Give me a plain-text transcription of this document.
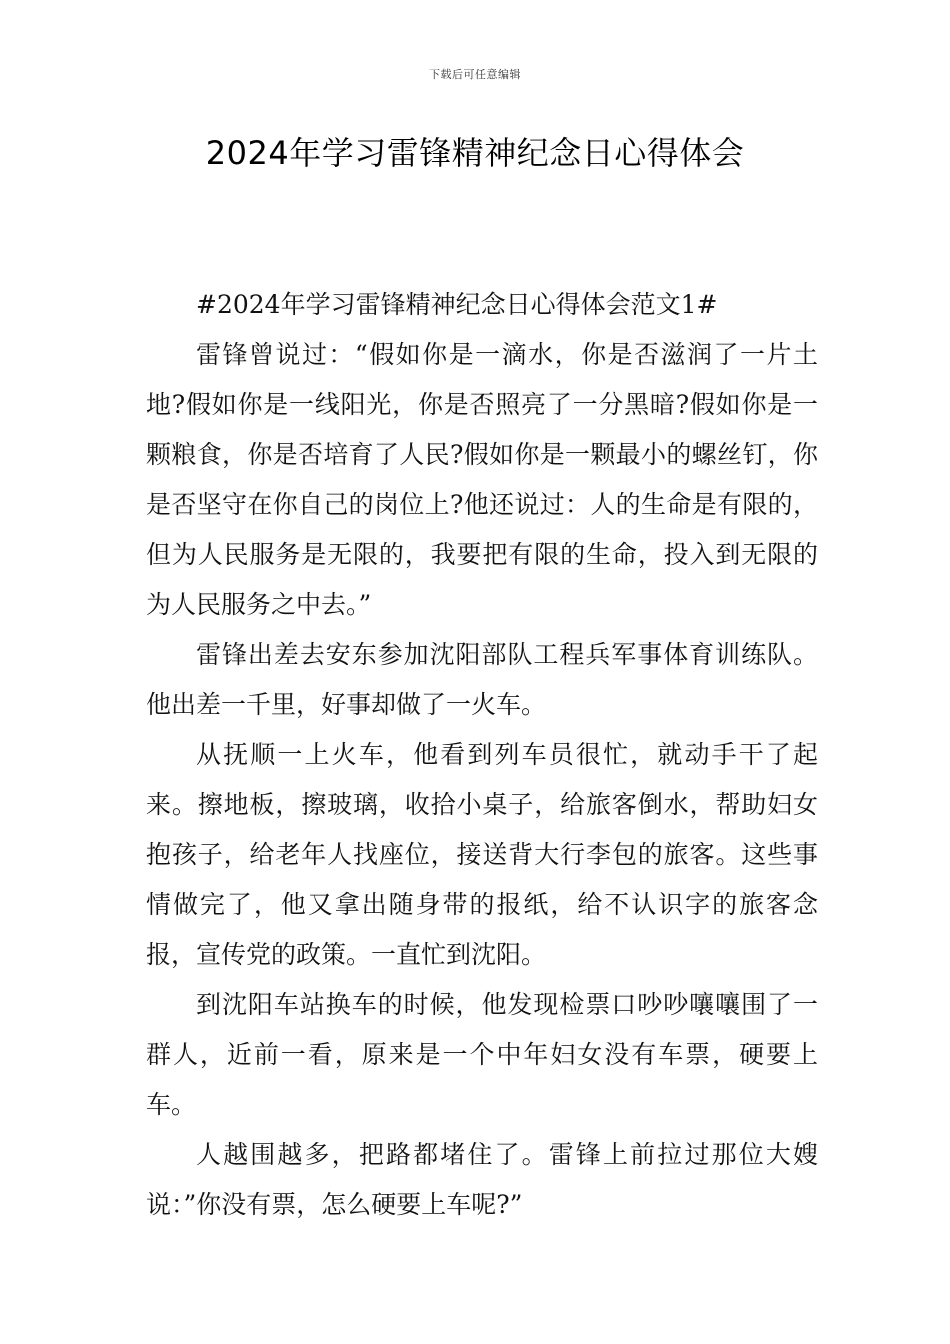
下载后可任意编辑
2024年学习雷锋精神纪念日心得体会

#2024年学习雷锋精神纪念日心得体会范文1#

雷锋曾说过：“假如你是一滴水，你是否滋润了一片土地?假如你是一线阳光，你是否照亮了一分黑暗?假如你是一颗粮食，你是否培育了人民?假如你是一颗最小的螺丝钉，你是否坚守在你自己的岗位上?他还说过：人的生命是有限的，但为人民服务是无限的，我要把有限的生命，投入到无限的为人民服务之中去。”

雷锋出差去安东参加沈阳部队工程兵军事体育训练队。他出差一千里，好事却做了一火车。

从抚顺一上火车，他看到列车员很忙，就动手干了起来。擦地板，擦玻璃，收拾小桌子，给旅客倒水，帮助妇女抱孩子，给老年人找座位，接送背大行李包的旅客。这些事情做完了，他又拿出随身带的报纸，给不认识字的旅客念报，宣传党的政策。一直忙到沈阳。

到沈阳车站换车的时候，他发现检票口吵吵嚷嚷围了一群人，近前一看，原来是一个中年妇女没有车票，硬要上车。

人越围越多，把路都堵住了。雷锋上前拉过那位大嫂说：”你没有票，怎么硬要上车呢?”
